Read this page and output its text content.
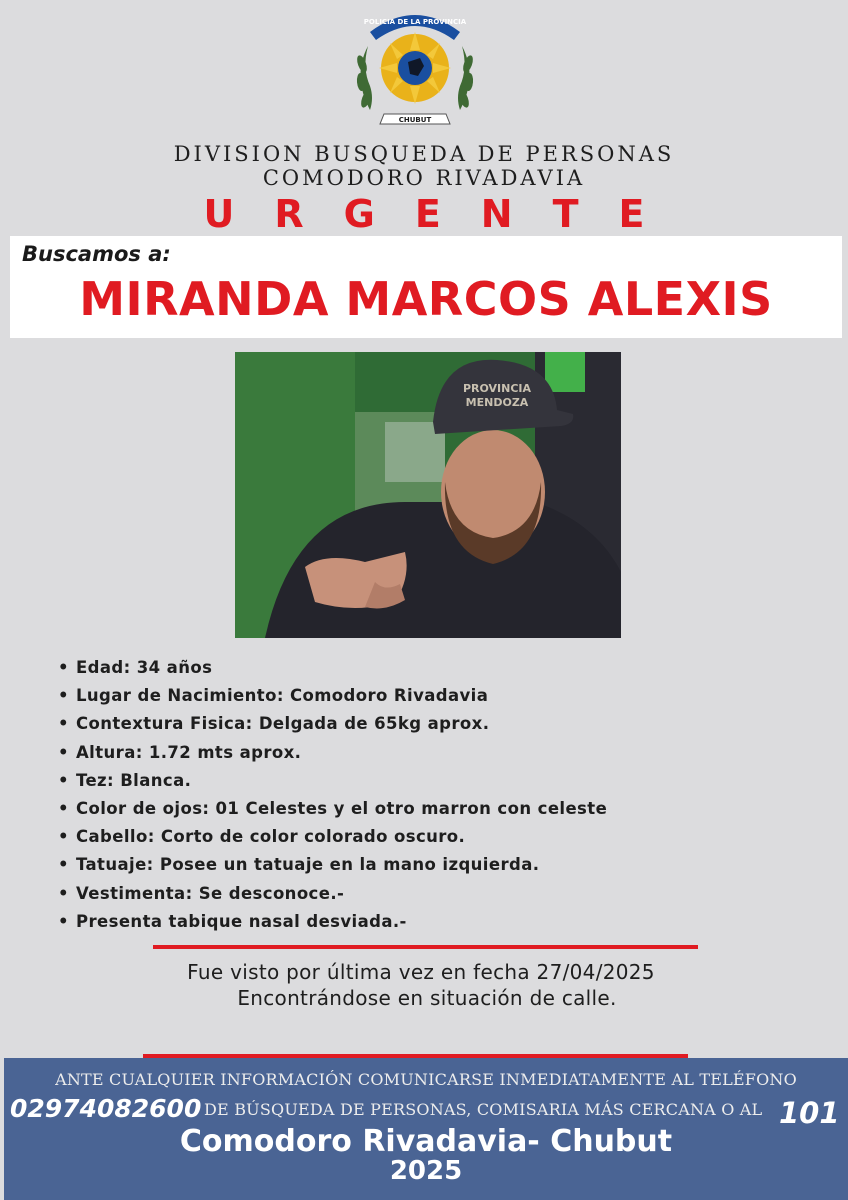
POLICIA DE LA PROVINCIA
CHUBUT
DIVISION BUSQUEDA DE PERSONAS
COMODORO RIVADAVIA
URGENTE
Buscamos a:
MIRANDA MARCOS ALEXIS
PROVINCIA
MENDOZA
• Edad: 34 años
• Lugar de Nacimiento: Comodoro Rivadavia
• Contextura Fisica: Delgada de 65kg aprox.
• Altura: 1.72 mts aprox.
• Tez: Blanca.
• Color de ojos: 01 Celestes y el otro marron con celeste
• Cabello: Corto de color colorado oscuro.
• Tatuaje: Posee un tatuaje en la mano izquierda.
• Vestimenta: Se desconoce.-
• Presenta tabique nasal desviada.-
Fue visto por última vez en fecha 27/04/2025
Encontrándose en situación de calle.
ANTE CUALQUIER INFORMACIÓN COMUNICARSE INMEDIATAMENTE AL TELÉFONO
02974082600 DE BÚSQUEDA DE PERSONAS, COMISARIA MÁS CERCANA O AL 101
Comodoro Rivadavia- Chubut
2025
